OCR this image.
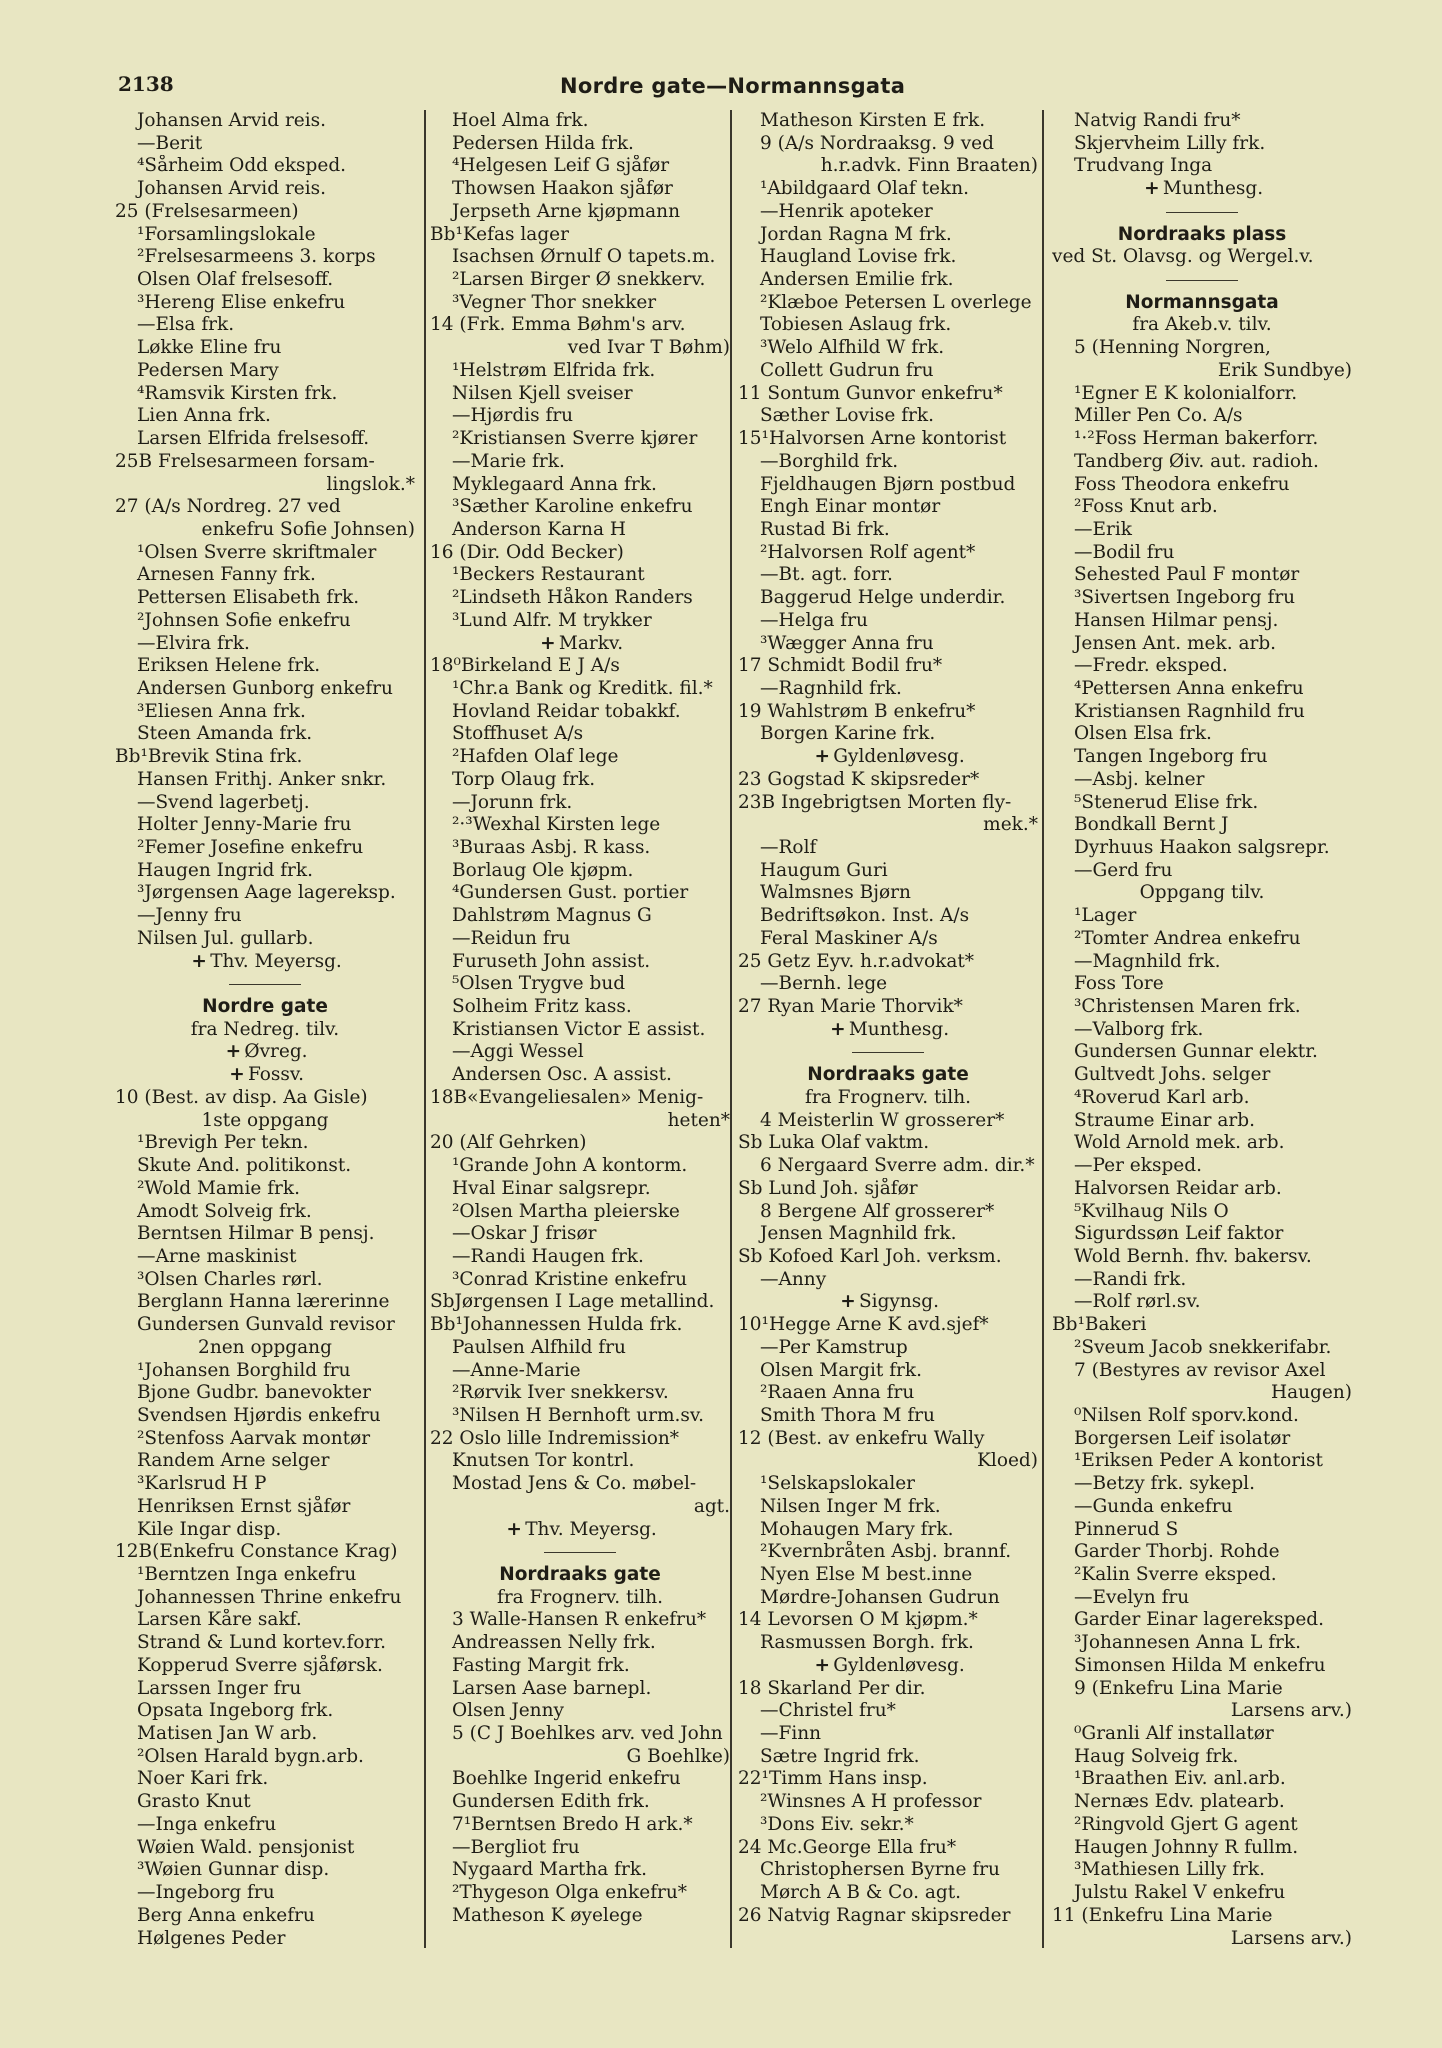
2138	Nordre gate—Normannsgata
Johansen Arvid reis.
—Berit
⁴Sårheim Odd eksped.
Johansen Arvid reis.
25 (Frelsesarmeen)
¹Forsamlingslokale
²Frelsesarmeens 3. korps
Olsen Olaf frelsesoff.
³Hereng Elise enkefru
—Elsa frk.
Løkke Eline fru
Pedersen Mary
⁴Ramsvik Kirsten frk.
Lien Anna frk.
Larsen Elfrida frelsesoff.
25B Frelsesarmeen forsam-
lingslok.*
27 (A/s Nordreg. 27 ved
enkefru Sofie Johnsen)
¹Olsen Sverre skriftmaler
Arnesen Fanny frk.
Pettersen Elisabeth frk.
²Johnsen Sofie enkefru
—Elvira frk.
Eriksen Helene frk.
Andersen Gunborg enkefru
³Eliesen Anna frk.
Steen Amanda frk.
Bb¹Brevik Stina frk.
Hansen Frithj. Anker snkr.
—Svend lagerbetj.
Holter Jenny-Marie fru
²Femer Josefine enkefru
Haugen Ingrid frk.
³Jørgensen Aage lagereksp.
—Jenny fru
Nilsen Jul. gullarb.
+ Thv. Meyersg.
Nordre gate
fra Nedreg. tilv.
+ Øvreg.
+ Fossv.
10 (Best. av disp. Aa Gisle)
1ste oppgang
¹Brevigh Per tekn.
Skute And. politikonst.
²Wold Mamie frk.
Amodt Solveig frk.
Berntsen Hilmar B pensj.
—Arne maskinist
³Olsen Charles rørl.
Berglann Hanna lærerinne
Gundersen Gunvald revisor
2nen oppgang
¹Johansen Borghild fru
Bjone Gudbr. banevokter
Svendsen Hjørdis enkefru
²Stenfoss Aarvak montør
Randem Arne selger
³Karlsrud H P
Henriksen Ernst sjåfør
Kile Ingar disp.
12B(Enkefru Constance Krag)
¹Berntzen Inga enkefru
Johannessen Thrine enkefru
Larsen Kåre sakf.
Strand & Lund kortev.forr.
Kopperud Sverre sjåførsk.
Larssen Inger fru
Opsata Ingeborg frk.
Matisen Jan W arb.
²Olsen Harald bygn.arb.
Noer Kari frk.
Grasto Knut
—Inga enkefru
Wøien Wald. pensjonist
³Wøien Gunnar disp.
—Ingeborg fru
Berg Anna enkefru
Hølgenes Peder
Hoel Alma frk.
Pedersen Hilda frk.
⁴Helgesen Leif G sjåfør
Thowsen Haakon sjåfør
Jerpseth Arne kjøpmann
Bb¹Kefas lager
Isachsen Ørnulf O tapets.m.
²Larsen Birger Ø snekkerv.
³Vegner Thor snekker
14 (Frk. Emma Bøhm's arv.
ved Ivar T Bøhm)
¹Helstrøm Elfrida frk.
Nilsen Kjell sveiser
—Hjørdis fru
²Kristiansen Sverre kjører
—Marie frk.
Myklegaard Anna frk.
³Sæther Karoline enkefru
Anderson Karna H
16 (Dir. Odd Becker)
¹Beckers Restaurant
²Lindseth Håkon Randers
³Lund Alfr. M trykker
+ Markv.
18⁰Birkeland E J A/s
¹Chr.a Bank og Kreditk. fil.*
Hovland Reidar tobakkf.
Stoffhuset A/s
²Hafden Olaf lege
Torp Olaug frk.
—Jorunn frk.
²·³Wexhal Kirsten lege
³Buraas Asbj. R kass.
Borlaug Ole kjøpm.
⁴Gundersen Gust. portier
Dahlstrøm Magnus G
—Reidun fru
Furuseth John assist.
⁵Olsen Trygve bud
Solheim Fritz kass.
Kristiansen Victor E assist.
—Aggi Wessel
Andersen Osc. A assist.
18B«Evangeliesalen» Menig-
heten*
20 (Alf Gehrken)
¹Grande John A kontorm.
Hval Einar salgsrepr.
²Olsen Martha pleierske
—Oskar J frisør
—Randi Haugen frk.
³Conrad Kristine enkefru
SbJørgensen I Lage metallind.
Bb¹Johannessen Hulda frk.
Paulsen Alfhild fru
—Anne-Marie
²Rørvik Iver snekkersv.
³Nilsen H Bernhoft urm.sv.
22 Oslo lille Indremission*
Knutsen Tor kontrl.
Mostad Jens & Co. møbel-
agt.
+ Thv. Meyersg.
Nordraaks gate
fra Frognerv. tilh.
3 Walle-Hansen R enkefru*
Andreassen Nelly frk.
Fasting Margit frk.
Larsen Aase barnepl.
Olsen Jenny
5 (C J Boehlkes arv. ved John
G Boehlke)
Boehlke Ingerid enkefru
Gundersen Edith frk.
7¹Berntsen Bredo H ark.*
—Bergliot fru
Nygaard Martha frk.
²Thygeson Olga enkefru*
Matheson K øyelege
Matheson Kirsten E frk.
9 (A/s Nordraaksg. 9 ved
h.r.advk. Finn Braaten)
¹Abildgaard Olaf tekn.
—Henrik apoteker
Jordan Ragna M frk.
Haugland Lovise frk.
Andersen Emilie frk.
²Klæboe Petersen L overlege
Tobiesen Aslaug frk.
³Welo Alfhild W frk.
Collett Gudrun fru
11 Sontum Gunvor enkefru*
Sæther Lovise frk.
15¹Halvorsen Arne kontorist
—Borghild frk.
Fjeldhaugen Bjørn postbud
Engh Einar montør
Rustad Bi frk.
²Halvorsen Rolf agent*
—Bt. agt. forr.
Baggerud Helge underdir.
—Helga fru
³Wægger Anna fru
17 Schmidt Bodil fru*
—Ragnhild frk.
19 Wahlstrøm B enkefru*
Borgen Karine frk.
+ Gyldenløvesg.
23 Gogstad K skipsreder*
23B Ingebrigtsen Morten fly-
mek.*
—Rolf
Haugum Guri
Walmsnes Bjørn
Bedriftsøkon. Inst. A/s
Feral Maskiner A/s
25 Getz Eyv. h.r.advokat*
—Bernh. lege
27 Ryan Marie Thorvik*
+ Munthesg.
Nordraaks gate
fra Frognerv. tilh.
4 Meisterlin W grosserer*
Sb Luka Olaf vaktm.
6 Nergaard Sverre adm. dir.*
Sb Lund Joh. sjåfør
8 Bergene Alf grosserer*
Jensen Magnhild frk.
Sb Kofoed Karl Joh. verksm.
—Anny
+ Sigynsg.
10¹Hegge Arne K avd.sjef*
—Per Kamstrup
Olsen Margit frk.
²Raaen Anna fru
Smith Thora M fru
12 (Best. av enkefru Wally
Kloed)
¹Selskapslokaler
Nilsen Inger M frk.
Mohaugen Mary frk.
²Kvernbråten Asbj. brannf.
Nyen Else M best.inne
Mørdre-Johansen Gudrun
14 Levorsen O M kjøpm.*
Rasmussen Borgh. frk.
+ Gyldenløvesg.
18 Skarland Per dir.
—Christel fru*
—Finn
Sætre Ingrid frk.
22¹Timm Hans insp.
²Winsnes A H professor
³Dons Eiv. sekr.*
24 Mc.George Ella fru*
Christophersen Byrne fru
Mørch A B & Co. agt.
26 Natvig Ragnar skipsreder
Natvig Randi fru*
Skjervheim Lilly frk.
Trudvang Inga
+ Munthesg.
Nordraaks plass
ved St. Olavsg. og Wergel.v.
Normannsgata
fra Akeb.v. tilv.
5 (Henning Norgren,
Erik Sundbye)
¹Egner E K kolonialforr.
Miller Pen Co. A/s
¹·²Foss Herman bakerforr.
Tandberg Øiv. aut. radioh.
Foss Theodora enkefru
²Foss Knut arb.
—Erik
—Bodil fru
Sehested Paul F montør
³Sivertsen Ingeborg fru
Hansen Hilmar pensj.
Jensen Ant. mek. arb.
—Fredr. eksped.
⁴Pettersen Anna enkefru
Kristiansen Ragnhild fru
Olsen Elsa frk.
Tangen Ingeborg fru
—Asbj. kelner
⁵Stenerud Elise frk.
Bondkall Bernt J
Dyrhuus Haakon salgsrepr.
—Gerd fru
Oppgang tilv.
¹Lager
²Tomter Andrea enkefru
—Magnhild frk.
Foss Tore
³Christensen Maren frk.
—Valborg frk.
Gundersen Gunnar elektr.
Gultvedt Johs. selger
⁴Roverud Karl arb.
Straume Einar arb.
Wold Arnold mek. arb.
—Per eksped.
Halvorsen Reidar arb.
⁵Kvilhaug Nils O
Sigurdssøn Leif faktor
Wold Bernh. fhv. bakersv.
—Randi frk.
—Rolf rørl.sv.
Bb¹Bakeri
²Sveum Jacob snekkerifabr.
7 (Bestyres av revisor Axel
Haugen)
⁰Nilsen Rolf sporv.kond.
Borgersen Leif isolatør
¹Eriksen Peder A kontorist
—Betzy frk. sykepl.
—Gunda enkefru
Pinnerud S
Garder Thorbj. Rohde
²Kalin Sverre eksped.
—Evelyn fru
Garder Einar lagereksped.
³Johannesen Anna L frk.
Simonsen Hilda M enkefru
9 (Enkefru Lina Marie
Larsens arv.)
⁰Granli Alf installatør
Haug Solveig frk.
¹Braathen Eiv. anl.arb.
Nernæs Edv. platearb.
²Ringvold Gjert G agent
Haugen Johnny R fullm.
³Mathiesen Lilly frk.
Julstu Rakel V enkefru
11 (Enkefru Lina Marie
Larsens arv.)
